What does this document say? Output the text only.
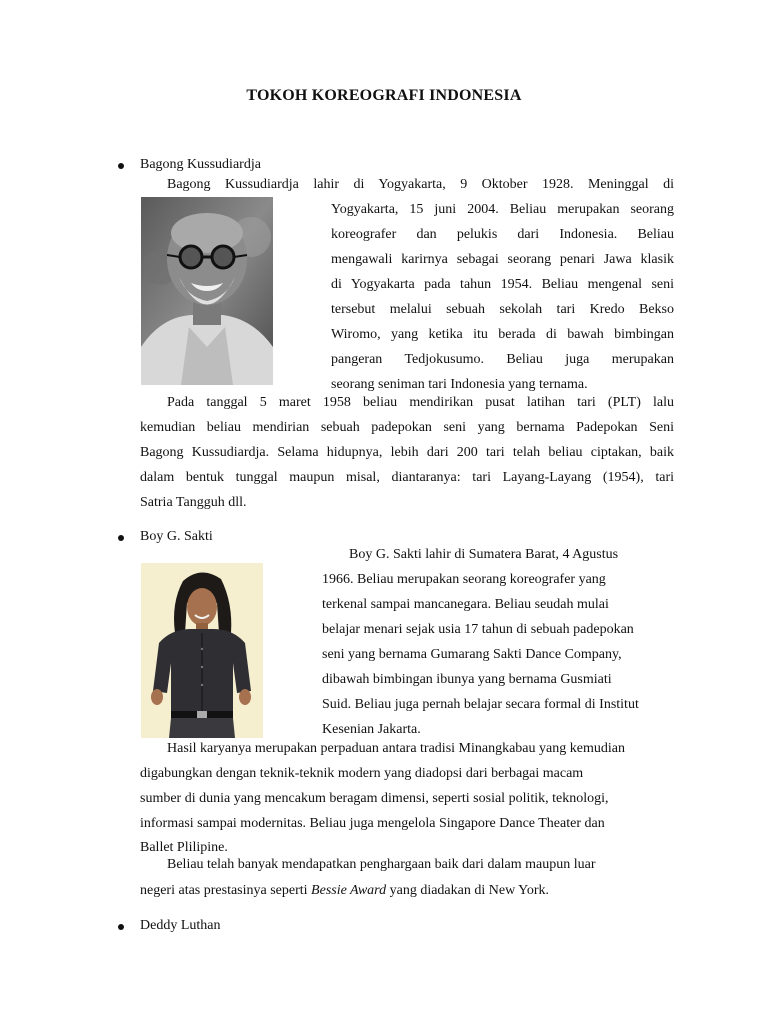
TOKOH KOREOGRAFI INDONESIA
Bagong Kussudiardja
Bagong Kussudiardja lahir di Yogyakarta, 9 Oktober 1928. Meninggal di
Yogyakarta, 15 juni 2004. Beliau merupakan seorang
koreografer dan pelukis dari Indonesia. Beliau
mengawali karirnya sebagai seorang penari Jawa klasik
di Yogyakarta pada tahun 1954. Beliau mengenal seni
tersebut melalui sebuah sekolah tari Kredo Bekso
Wiromo, yang ketika itu berada di bawah bimbingan
pangeran Tedjokusumo. Beliau juga merupakan
seorang seniman tari Indonesia yang ternama.
Pada tanggal 5 maret 1958 beliau mendirikan pusat latihan tari (PLT) lalu
kemudian beliau mendirian sebuah padepokan seni yang bernama Padepokan Seni
Bagong Kussudiardja. Selama hidupnya, lebih dari 200 tari telah beliau ciptakan, baik
dalam bentuk tunggal maupun misal, diantaranya: tari Layang-Layang (1954), tari
Satria Tangguh dll.
Boy G. Sakti
Boy G. Sakti lahir di Sumatera Barat, 4 Agustus
1966. Beliau merupakan seorang koreografer yang
terkenal sampai mancanegara. Beliau seudah mulai
belajar menari sejak usia 17 tahun di sebuah padepokan
seni yang bernama Gumarang Sakti Dance Company,
dibawah bimbingan ibunya yang bernama Gusmiati
Suid. Beliau juga pernah belajar secara formal di Institut
Kesenian Jakarta.
Hasil karyanya merupakan perpaduan antara tradisi Minangkabau yang kemudian
digabungkan dengan teknik-teknik modern yang diadopsi dari berbagai macam
sumber di dunia yang mencakum beragam dimensi, seperti sosial politik, teknologi,
informasi sampai modernitas. Beliau juga mengelola Singapore Dance Theater dan
Ballet Plilipine.
Beliau telah banyak mendapatkan penghargaan baik dari dalam maupun luar
negeri atas prestasinya seperti Bessie Award yang diadakan di New York.
Deddy Luthan
